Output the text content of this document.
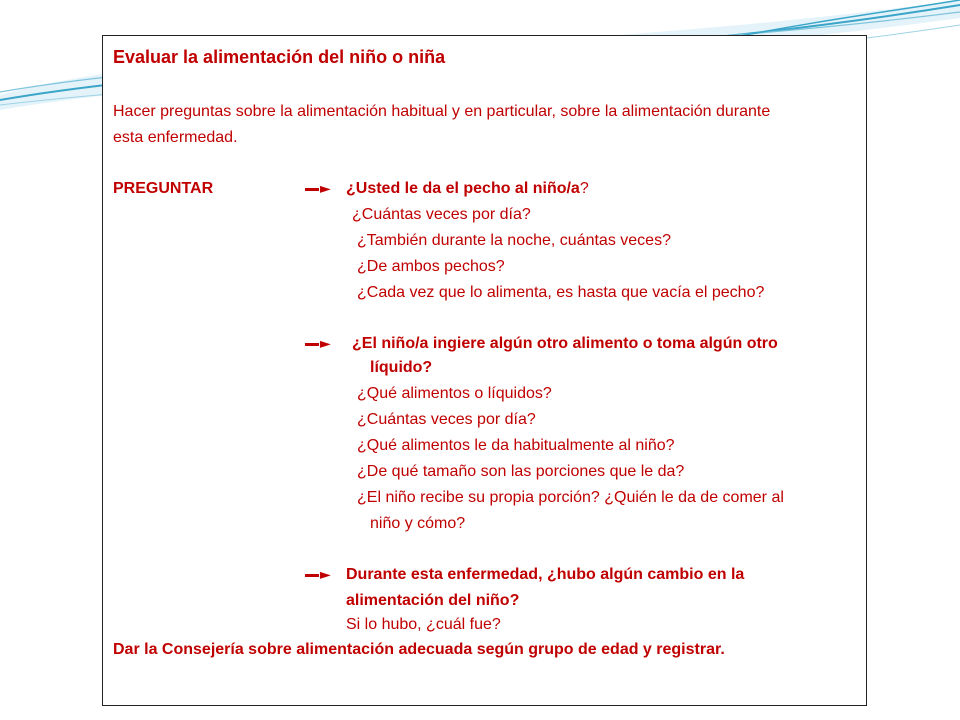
Evaluar la alimentación del niño o niña
Hacer preguntas sobre la alimentación habitual y en particular, sobre la alimentación durante
esta enfermedad.
PREGUNTAR	► ¿Usted le da el pecho al niño/a?
¿Cuántas veces por día?
¿También durante la noche, cuántas veces?
¿De ambos pechos?
¿Cada vez que lo alimenta, es hasta que vacía el pecho?
► ¿El niño/a ingiere algún otro alimento o toma algún otro
líquido?
¿Qué alimentos o líquidos?
¿Cuántas veces por día?
¿Qué alimentos le da habitualmente al niño?
¿De qué tamaño son las porciones que le da?
¿El niño recibe su propia porción? ¿Quién le da de comer al
niño y cómo?
► Durante esta enfermedad, ¿hubo algún cambio en la
alimentación del niño?
Si lo hubo, ¿cuál fue?
Dar la Consejería sobre alimentación adecuada según grupo de edad y registrar.
